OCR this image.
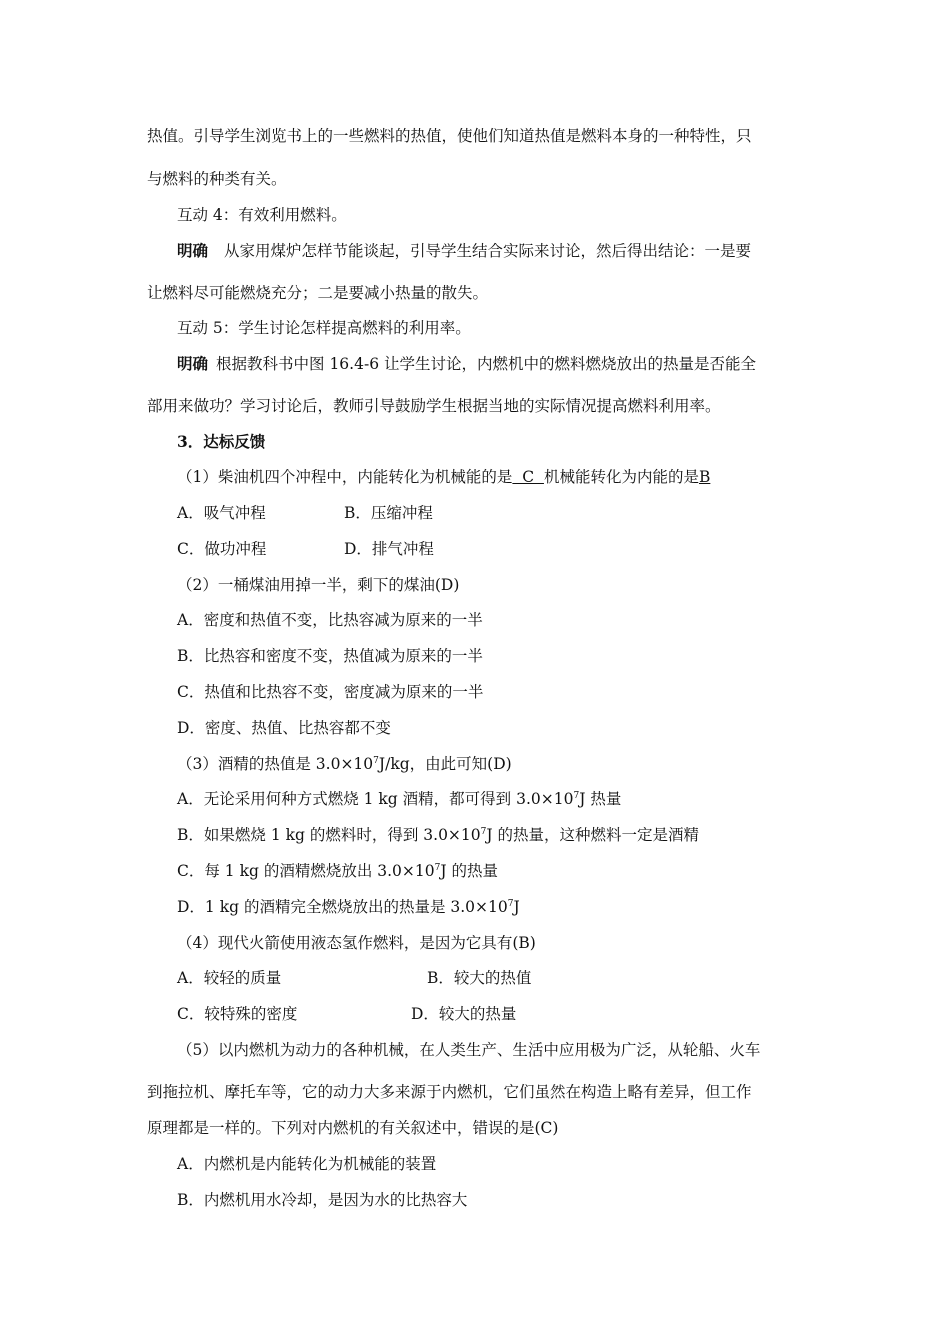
热值。引导学生浏览书上的一些燃料的热值，使他们知道热值是燃料本身的一种特性，只
与燃料的种类有关。
互动 4：有效利用燃料。
明确 从家用煤炉怎样节能谈起，引导学生结合实际来讨论，然后得出结论：一是要
让燃料尽可能燃烧充分；二是要减小热量的散失。
互动 5：学生讨论怎样提高燃料的利用率。
明确 根据教科书中图 16.4-6 让学生讨论，内燃机中的燃料燃烧放出的热量是否能全
部用来做功？学习讨论后，教师引导鼓励学生根据当地的实际情况提高燃料利用率。
3．达标反馈
（1）柴油机四个冲程中，内能转化为机械能的是  C  机械能转化为内能的是B
A．吸气冲程	B．压缩冲程
C．做功冲程	D．排气冲程
（2）一桶煤油用掉一半，剩下的煤油(D)
A．密度和热值不变，比热容减为原来的一半
B．比热容和密度不变，热值减为原来的一半
C．热值和比热容不变，密度减为原来的一半
D．密度、热值、比热容都不变
（3）酒精的热值是 $3.0\times 10^7J/kg$，由此可知(D)
A．无论采用何种方式燃烧 1 kg 酒精，都可得到 $3.0\times 10^7J$ 热量
B．如果燃烧 1 kg 的燃料时，得到 $3.0\times 10^7J$ 的热量，这种燃料一定是酒精
C．每 1 kg 的酒精燃烧放出 $3.0\times 10^7J$ 的热量
D．1 kg 的酒精完全燃烧放出的热量是 $3.0\times 10^7J$
（4）现代火箭使用液态氢作燃料，是因为它具有(B)
A．较轻的质量	B．较大的热值
C．较特殊的密度	D．较大的热量
（5）以内燃机为动力的各种机械，在人类生产、生活中应用极为广泛，从轮船、火车
到拖拉机、摩托车等，它的动力大多来源于内燃机，它们虽然在构造上略有差异，但工作
原理都是一样的。下列对内燃机的有关叙述中，错误的是(C)
A．内燃机是内能转化为机械能的装置
B．内燃机用水冷却，是因为水的比热容大
